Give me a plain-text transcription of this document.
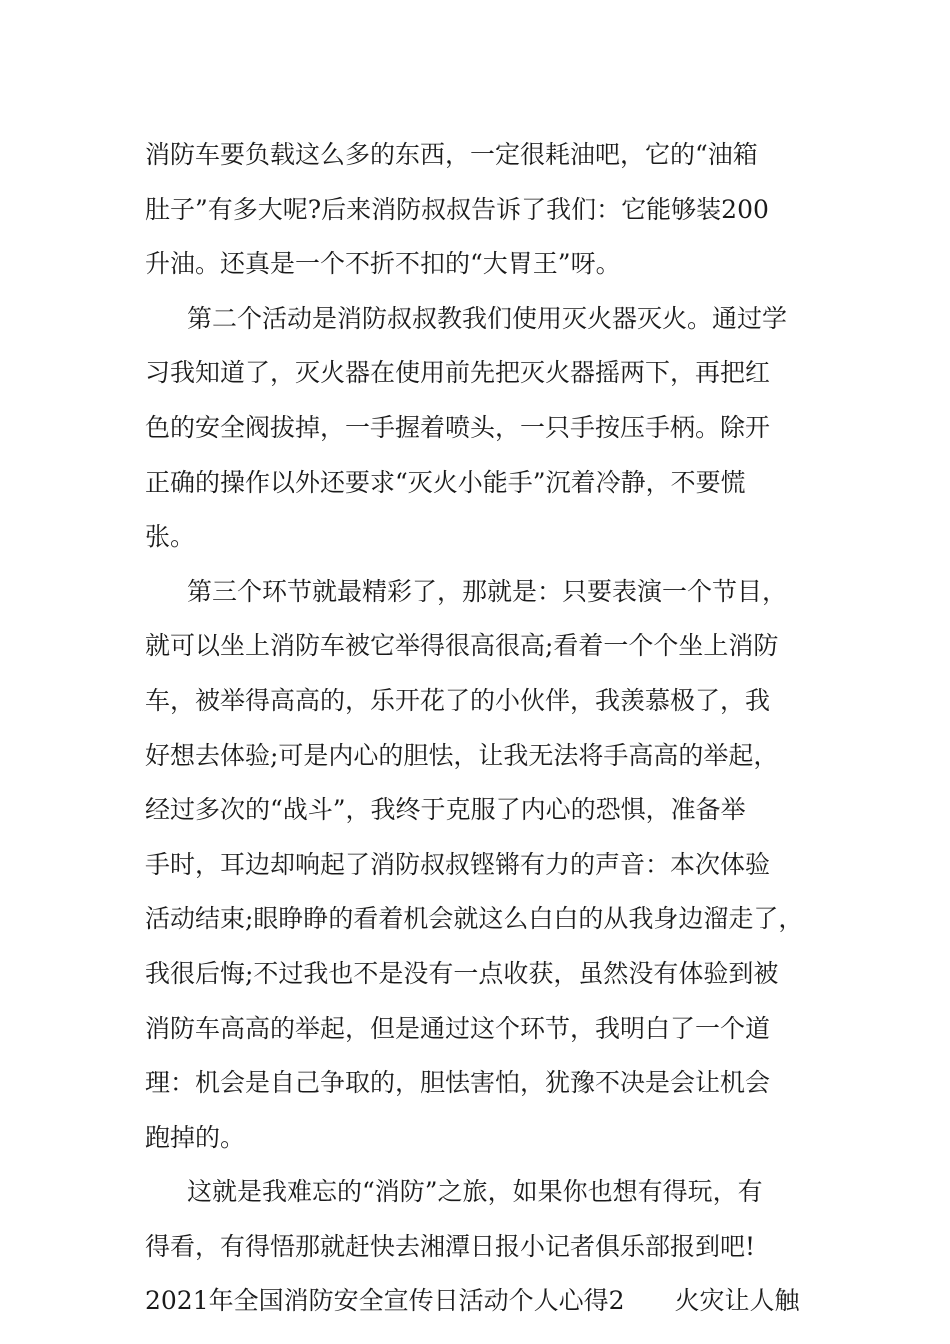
消防车要负载这么多的东西，一定很耗油吧，它的“油箱
肚子”有多大呢?后来消防叔叔告诉了我们：它能够装200
升油。还真是一个不折不扣的“大胃王”呀。
第二个活动是消防叔叔教我们使用灭火器灭火。通过学
习我知道了，灭火器在使用前先把灭火器摇两下，再把红
色的安全阀拔掉，一手握着喷头，一只手按压手柄。除开
正确的操作以外还要求“灭火小能手”沉着冷静，不要慌
张。
第三个环节就最精彩了，那就是：只要表演一个节目，
就可以坐上消防车被它举得很高很高;看着一个个坐上消防
车，被举得高高的，乐开花了的小伙伴，我羡慕极了，我
好想去体验;可是内心的胆怯，让我无法将手高高的举起，
经过多次的“战斗”，我终于克服了内心的恐惧，准备举
手时，耳边却响起了消防叔叔铿锵有力的声音：本次体验
活动结束;眼睁睁的看着机会就这么白白的从我身边溜走了，
我很后悔;不过我也不是没有一点收获，虽然没有体验到被
消防车高高的举起，但是通过这个环节，我明白了一个道
理：机会是自己争取的，胆怯害怕，犹豫不决是会让机会
跑掉的。
这就是我难忘的“消防”之旅，如果你也想有得玩，有
得看，有得悟那就赶快去湘潭日报小记者俱乐部报到吧!
2021年全国消防安全宣传日活动个人心得2　　火灾让人触
